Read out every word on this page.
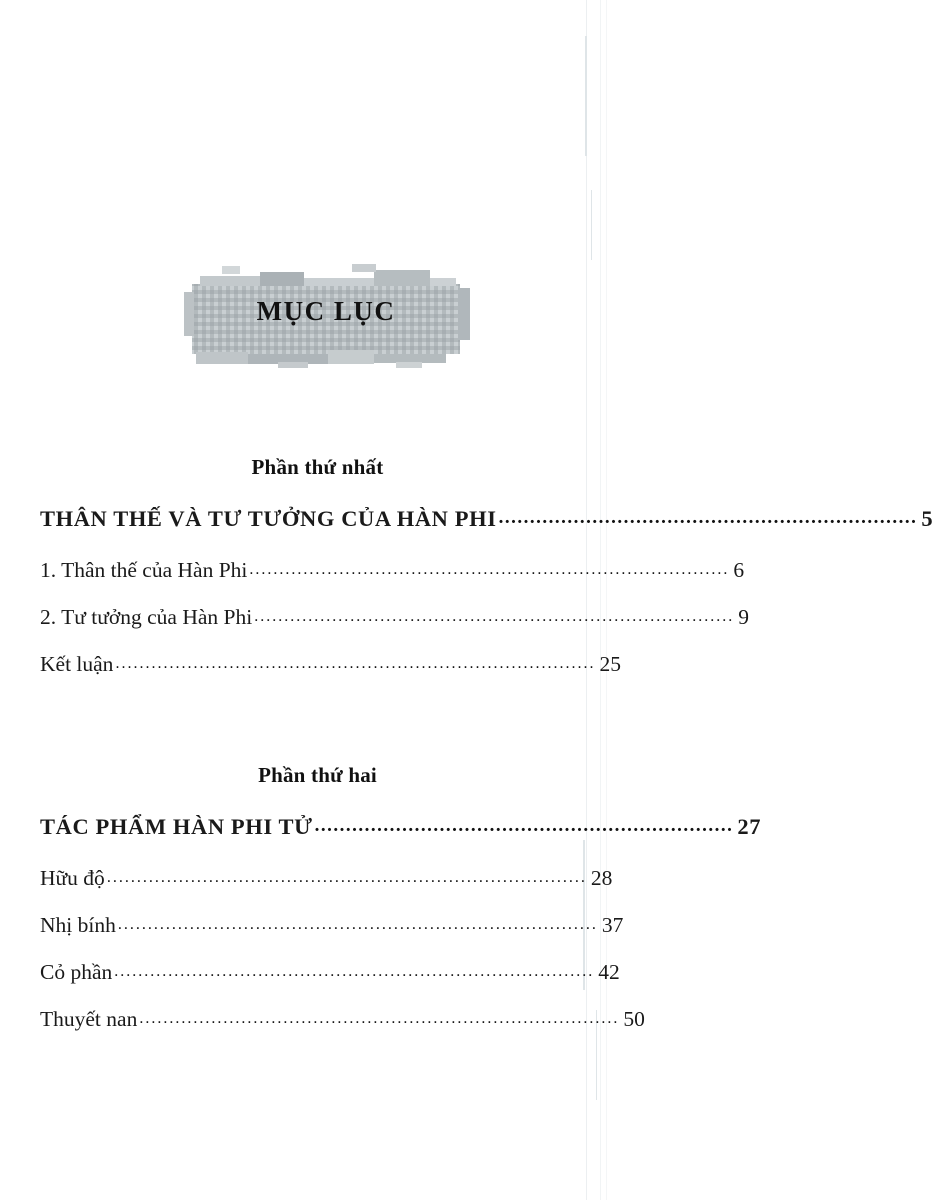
MỤC LỤC
Phần thứ nhất
THÂN THẾ VÀ TƯ TƯỞNG CỦA HÀN PHI ................................................................... 5
1. Thân thế của Hàn Phi ................................................................................ 6
2. Tư tưởng của Hàn Phi ................................................................................ 9
Kết luận ................................................................................ 25
Phần thứ hai
TÁC PHẨM HÀN PHI TỬ ................................................................... 27
Hữu độ ................................................................................ 28
Nhị bính ................................................................................ 37
Cỏ phần ................................................................................ 42
Thuyết nan ................................................................................ 50
